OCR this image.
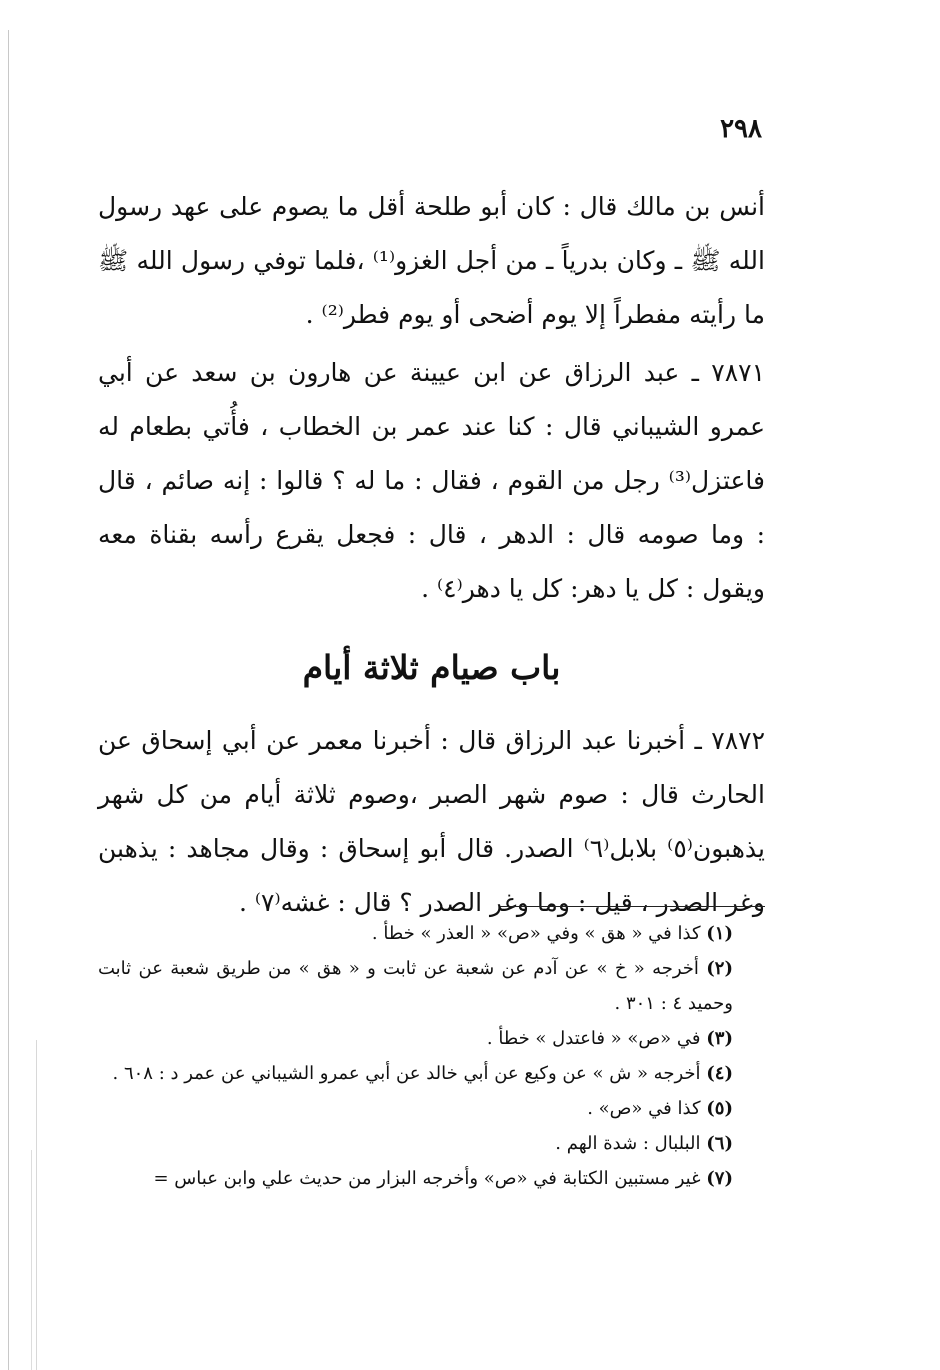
٢٩٨

أنس بن مالك قال : كان أبو طلحة أقل ما يصوم على عهد رسول الله ﷺ ـ وكان بدرياً ـ من أجل الغزو⁽¹⁾ ،فلما توفي رسول الله ﷺ ما رأيته مفطراً إلا يوم أضحى أو يوم فطر⁽²⁾ .

٧٨٧١ ـ عبد الرزاق عن ابن عيينة عن هارون بن سعد عن أبي عمرو الشيباني قال : كنا عند عمر بن الخطاب ، فأُتي بطعام له فاعتزل⁽³⁾ رجل من القوم ، فقال : ما له ؟ قالوا : إنه صائم ، قال : وما صومه قال : الدهر ، قال : فجعل يقرع رأسه بقناة معه ويقول : كل يا دهر: كل يا دهر⁽٤⁾ .

باب صيام ثلاثة أيام

٧٨٧٢ ـ أخبرنا عبد الرزاق قال : أخبرنا معمر عن أبي إسحاق عن الحارث قال : صوم شهر الصبر ،وصوم ثلاثة أيام من كل شهر يذهبون⁽٥⁾ بلابل⁽٦⁾ الصدر. قال أبو إسحاق : وقال مجاهد : يذهبن وغر الصدر ، قيل : وما وغر الصدر ؟ قال : غشه⁽٧⁾ .

(١) كذا في « هق » وفي «ص» « العذر » خطأ .

(٢) أخرجه « خ » عن آدم عن شعبة عن ثابت و « هق » من طريق شعبة عن ثابت وحميد ٤ : ٣٠١ .

(٣) في «ص» « فاعتدل » خطأ .

(٤) أخرجه « ش » عن وكيع عن أبي خالد عن أبي عمرو الشيباني عن عمر د : ٦٠٨ .

(٥) كذا في «ص» .

(٦) البلبال : شدة الهم .

(٧) غير مستبين الكتابة في «ص» وأخرجه البزار من حديث علي وابن عباس =
